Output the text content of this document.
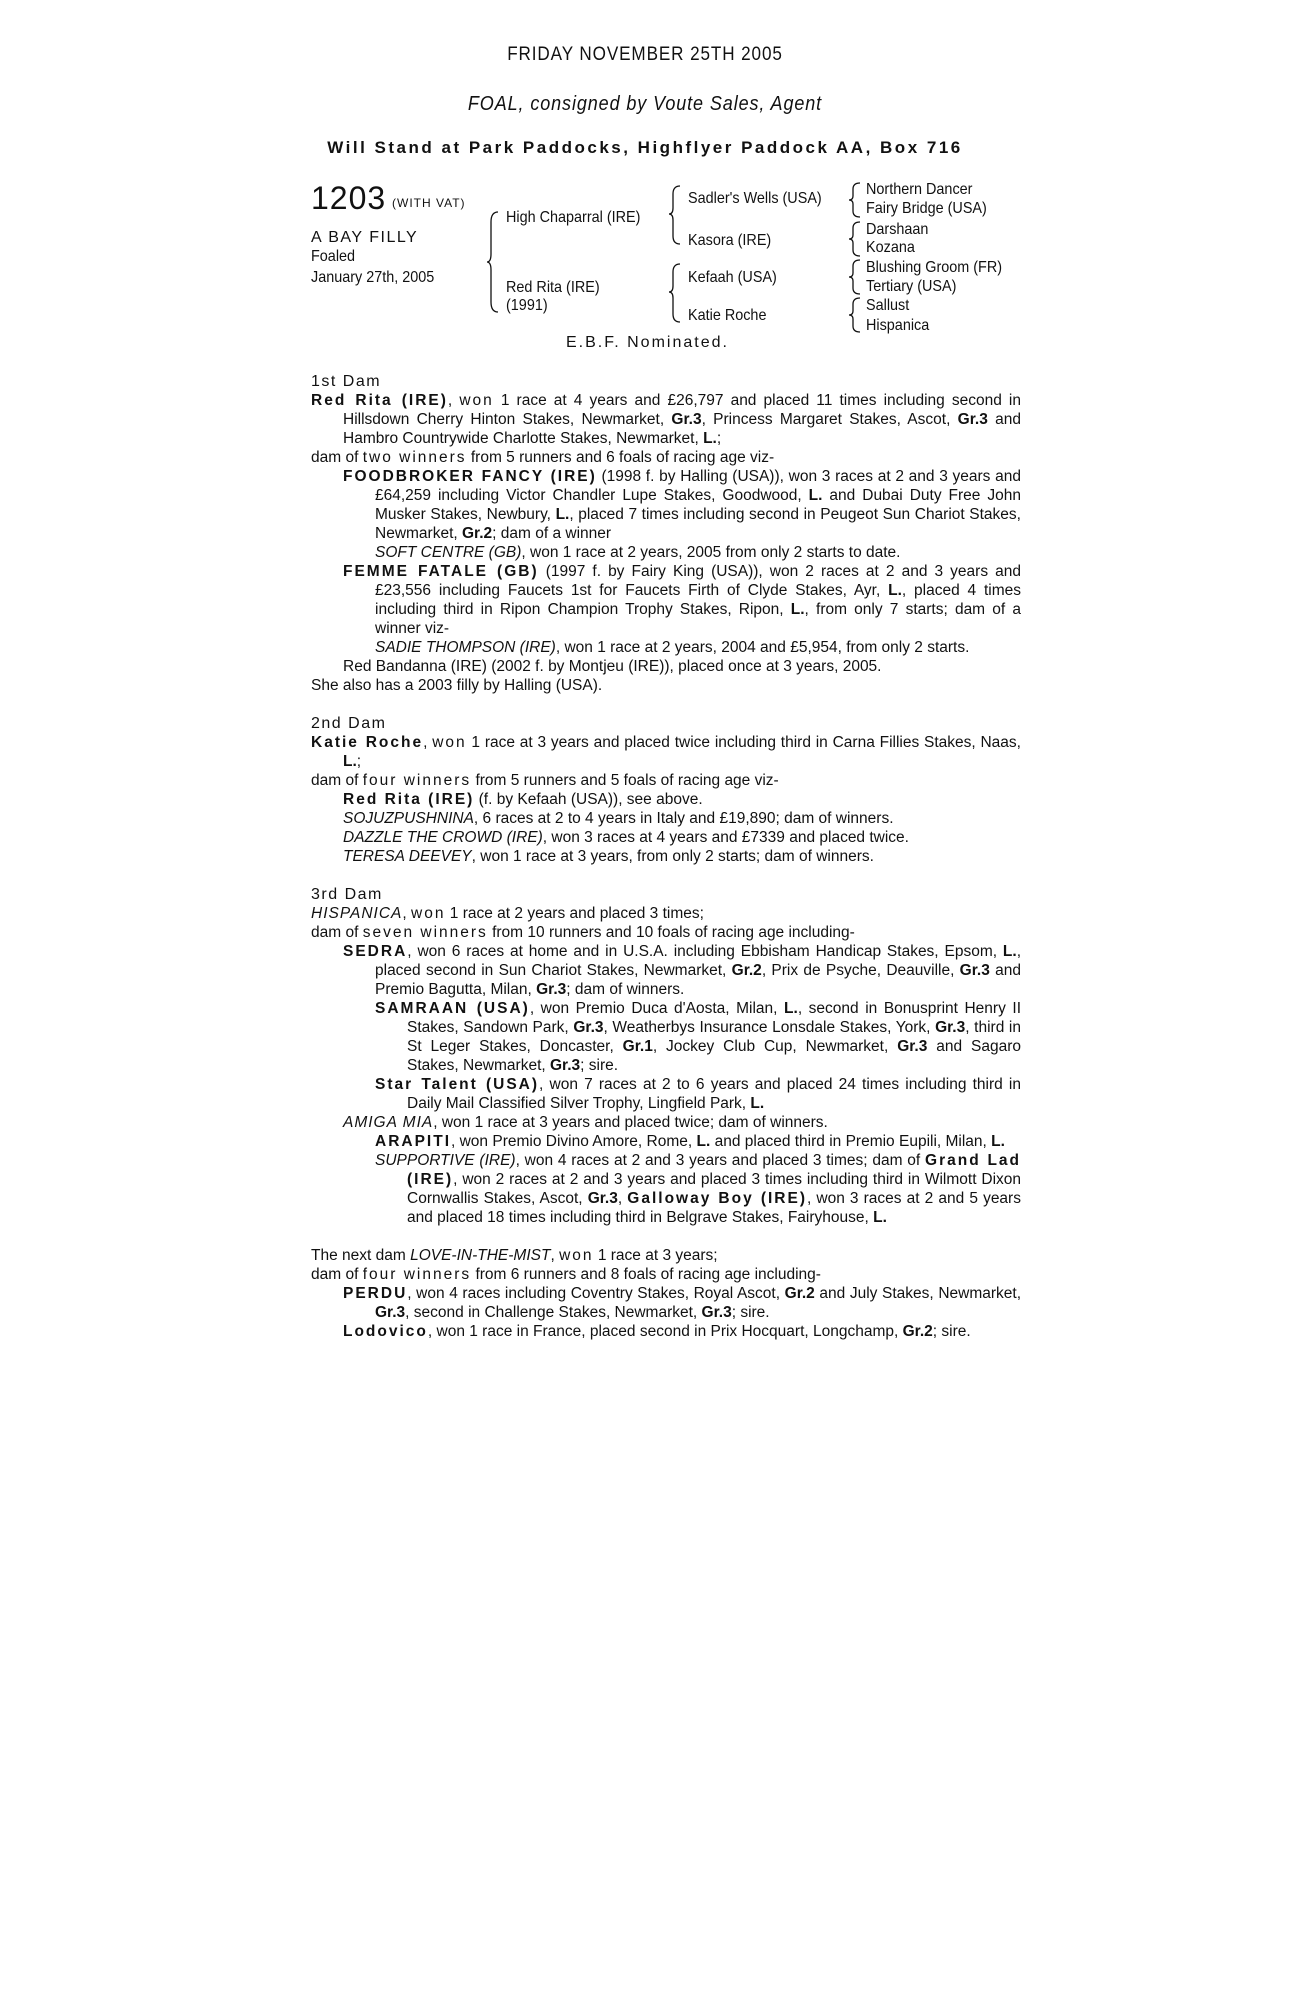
FRIDAY NOVEMBER 25TH 2005
FOAL, consigned by Voute Sales, Agent
Will Stand at Park Paddocks, Highflyer Paddock AA, Box 716
1203 (WITH VAT)
A BAY FILLY
Foaled
January 27th, 2005
High Chaparral (IRE)
Red Rita (IRE)
(1991)
Sadler's Wells (USA)
Kasora (IRE)
Kefaah (USA)
Katie Roche
Northern Dancer
Fairy Bridge (USA)
Darshaan
Kozana
Blushing Groom (FR)
Tertiary (USA)
Sallust
Hispanica
E.B.F. Nominated.
1st Dam

Red Rita (IRE), won 1 race at 4 years and £26,797 and placed 11 times including second in Hillsdown Cherry Hinton Stakes, Newmarket, Gr.3, Princess Margaret Stakes, Ascot, Gr.3 and Hambro Countrywide Charlotte Stakes, Newmarket, L.;

dam of two winners from 5 runners and 6 foals of racing age viz-

FOODBROKER FANCY (IRE) (1998 f. by Halling (USA)), won 3 races at 2 and 3 years and £64,259 including Victor Chandler Lupe Stakes, Goodwood, L. and Dubai Duty Free John Musker Stakes, Newbury, L., placed 7 times including second in Peugeot Sun Chariot Stakes, Newmarket, Gr.2; dam of a winner

SOFT CENTRE (GB), won 1 race at 2 years, 2005 from only 2 starts to date.

FEMME FATALE (GB) (1997 f. by Fairy King (USA)), won 2 races at 2 and 3 years and £23,556 including Faucets 1st for Faucets Firth of Clyde Stakes, Ayr, L., placed 4 times including third in Ripon Champion Trophy Stakes, Ripon, L., from only 7 starts; dam of a winner viz-

SADIE THOMPSON (IRE), won 1 race at 2 years, 2004 and £5,954, from only 2 starts.

Red Bandanna (IRE) (2002 f. by Montjeu (IRE)), placed once at 3 years, 2005.

She also has a 2003 filly by Halling (USA).

2nd Dam

Katie Roche, won 1 race at 3 years and placed twice including third in Carna Fillies Stakes, Naas, L.;

dam of four winners from 5 runners and 5 foals of racing age viz-

Red Rita (IRE) (f. by Kefaah (USA)), see above.

SOJUZPUSHNINA, 6 races at 2 to 4 years in Italy and £19,890; dam of winners.

DAZZLE THE CROWD (IRE), won 3 races at 4 years and £7339 and placed twice.

TERESA DEEVEY, won 1 race at 3 years, from only 2 starts; dam of winners.

3rd Dam

HISPANICA, won 1 race at 2 years and placed 3 times;

dam of seven winners from 10 runners and 10 foals of racing age including-

SEDRA, won 6 races at home and in U.S.A. including Ebbisham Handicap Stakes, Epsom, L., placed second in Sun Chariot Stakes, Newmarket, Gr.2, Prix de Psyche, Deauville, Gr.3 and Premio Bagutta, Milan, Gr.3; dam of winners.

SAMRAAN (USA), won Premio Duca d'Aosta, Milan, L., second in Bonusprint Henry II Stakes, Sandown Park, Gr.3, Weatherbys Insurance Lonsdale Stakes, York, Gr.3, third in St Leger Stakes, Doncaster, Gr.1, Jockey Club Cup, Newmarket, Gr.3 and Sagaro Stakes, Newmarket, Gr.3; sire.

Star Talent (USA), won 7 races at 2 to 6 years and placed 24 times including third in Daily Mail Classified Silver Trophy, Lingfield Park, L.

AMIGA MIA, won 1 race at 3 years and placed twice; dam of winners.

ARAPITI, won Premio Divino Amore, Rome, L. and placed third in Premio Eupili, Milan, L.

SUPPORTIVE (IRE), won 4 races at 2 and 3 years and placed 3 times; dam of Grand Lad (IRE), won 2 races at 2 and 3 years and placed 3 times including third in Wilmott Dixon Cornwallis Stakes, Ascot, Gr.3, Galloway Boy (IRE), won 3 races at 2 and 5 years and placed 18 times including third in Belgrave Stakes, Fairyhouse, L.

The next dam LOVE-IN-THE-MIST, won 1 race at 3 years;

dam of four winners from 6 runners and 8 foals of racing age including-

PERDU, won 4 races including Coventry Stakes, Royal Ascot, Gr.2 and July Stakes, Newmarket, Gr.3, second in Challenge Stakes, Newmarket, Gr.3; sire.

Lodovico, won 1 race in France, placed second in Prix Hocquart, Longchamp, Gr.2; sire.
